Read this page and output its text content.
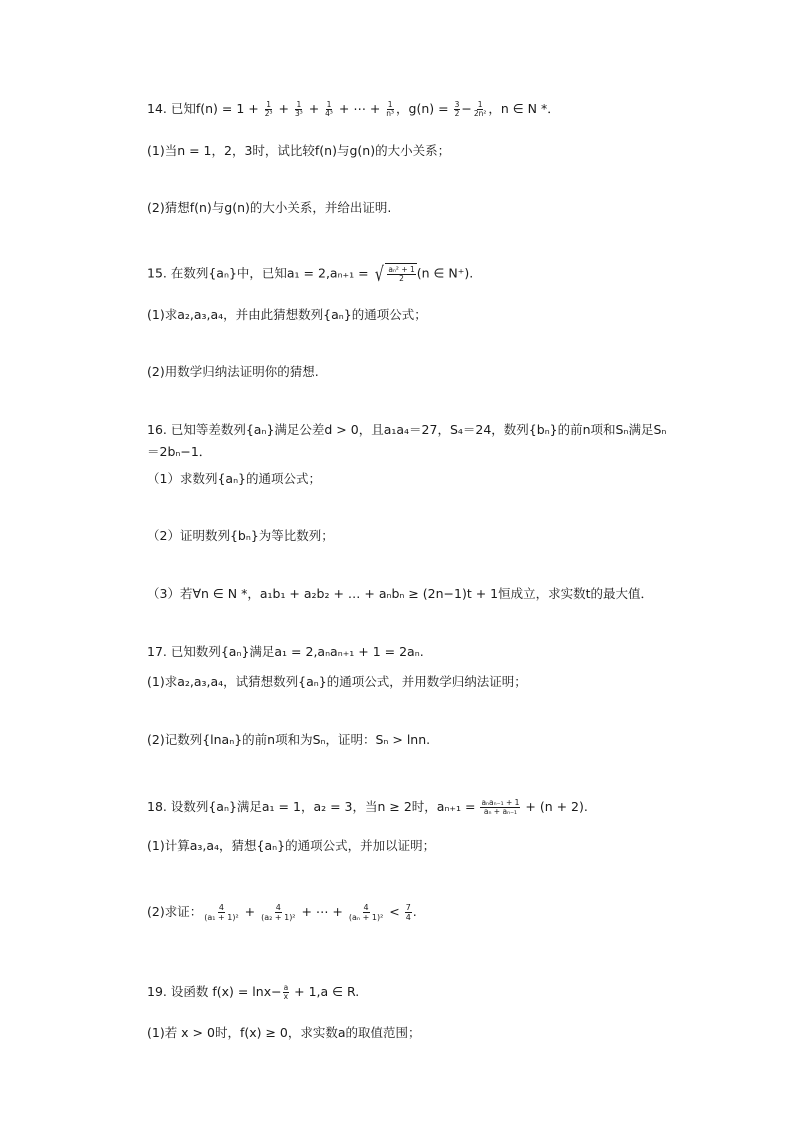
14. 已知$f(n) = 1 + \frac{1}{\text{2³}} + \frac{1}{\text{3³}} + \frac{1}{\text{4³}}$ + ⋯ + $\frac{1}{\text{n³}}$ ，$g(n) = \frac{3}{2} - \frac{1}{\text{2n²}}$ ，n ∈ N *．
(1)当n = 1，2，3时，试比较f(n)与g(n)的大小关系；
(2)猜想f(n)与g(n)的大小关系，并给出证明.
15. 在数列{aₙ}中，已知a₁ = 2,aₙ₊₁ = √ $\frac{\text{aₙ² + 1}}{2} (n$ ∈ N⁺).
(1)求a₂,a₃,a₄，并由此猜想数列{aₙ}的通项公式；
(2)用数学归纳法证明你的猜想.
16. 已知等差数列{aₙ}满足公差d > 0，且a₁a₄＝27，S₄＝24，数列{bₙ}的前n项和Sₙ满足Sₙ
＝2bₙ−1．
（1）求数列{aₙ}的通项公式；
（2）证明数列{bₙ}为等比数列；
（3）若∀n ∈ N *，a₁b₁ + a₂b₂ + … + aₙbₙ ≥ (2n−1)t + 1恒成立，求实数t的最大值．
17. 已知数列{aₙ}满足a₁ = 2,aₙaₙ₊₁ + 1 = 2aₙ.
(1)求a₂,a₃,a₄，试猜想数列{aₙ}的通项公式，并用数学归纳法证明；
(2)记数列{lnaₙ}的前n项和为Sₙ，证明：Sₙ > lnn.
18. 设数列{aₙ}满足a₁ = 1，a₂ = 3，当n ≥ 2时，$a_{n+1} = \frac{\text{aₙaₙ₋₁ + 1}}{\text{aₙ + aₙ₋₁}} + (n + 2)$.
(1)计算a₃,a₄，猜想{aₙ}的通项公式，并加以证明；
(2)求证： $\frac{4}{\text{(a₁ + 1)²}} + \frac{4}{\text{(a₂ + 1)²}}$ + ⋯ + $\frac{4}{\text{(aₙ + 1)²}} < \frac{7}{4}$ .
19. 设函数 $f(x) = \ln x- \frac{a}{x} + 1,a$ ∈ R.
(1)若 x > 0时，f(x) ≥ 0，求实数a的取值范围；
